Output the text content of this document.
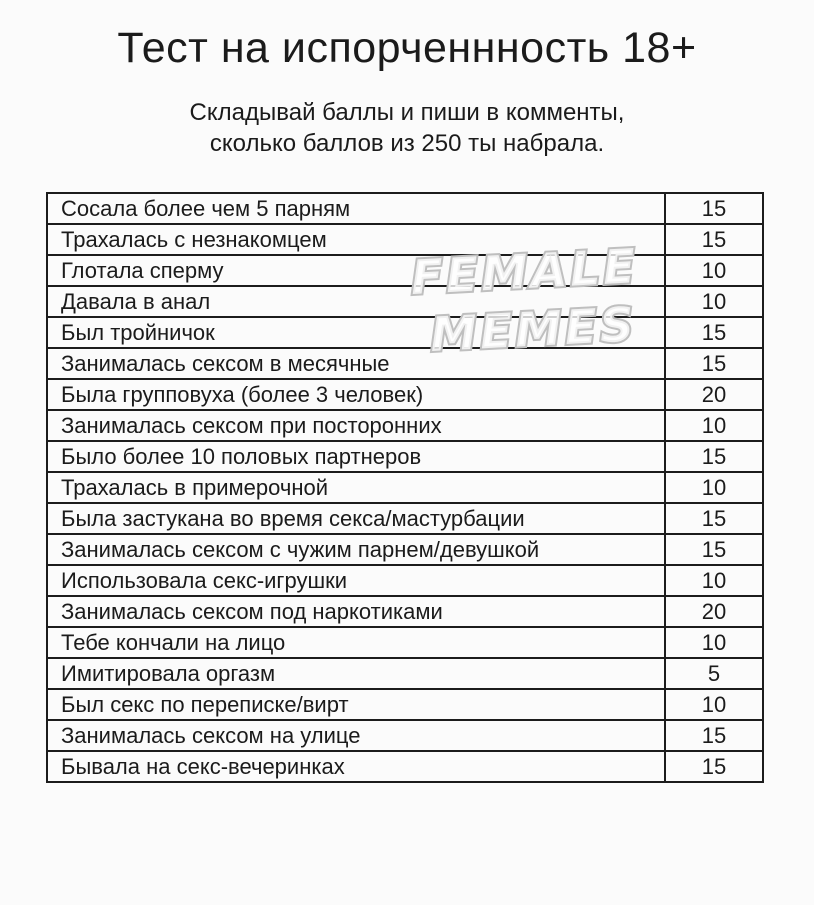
Тест на испорченнность 18+
Складывай баллы и пиши в комменты,
сколько баллов из 250 ты набрала.
Сосала более чем 5 парням	15
Трахалась с незнакомцем	15
Глотала сперму	10
Давала в анал	10
Был тройничок	15
Занималась сексом в месячные	15
Была групповуха (более 3 человек)	20
Занималась сексом при посторонних	10
Было более 10 половых партнеров	15
Трахалась в примерочной	10
Была застукана во время секса/мастурбации	15
Занималась сексом с чужим парнем/девушкой	15
Использовала секс-игрушки	10
Занималась сексом под наркотиками	20
Тебе кончали на лицо	10
Имитировала оргазм	5
Был секс по переписке/вирт	10
Занималась сексом на улице	15
Бывала на секс-вечеринках	15
FEMALE
MEMES
